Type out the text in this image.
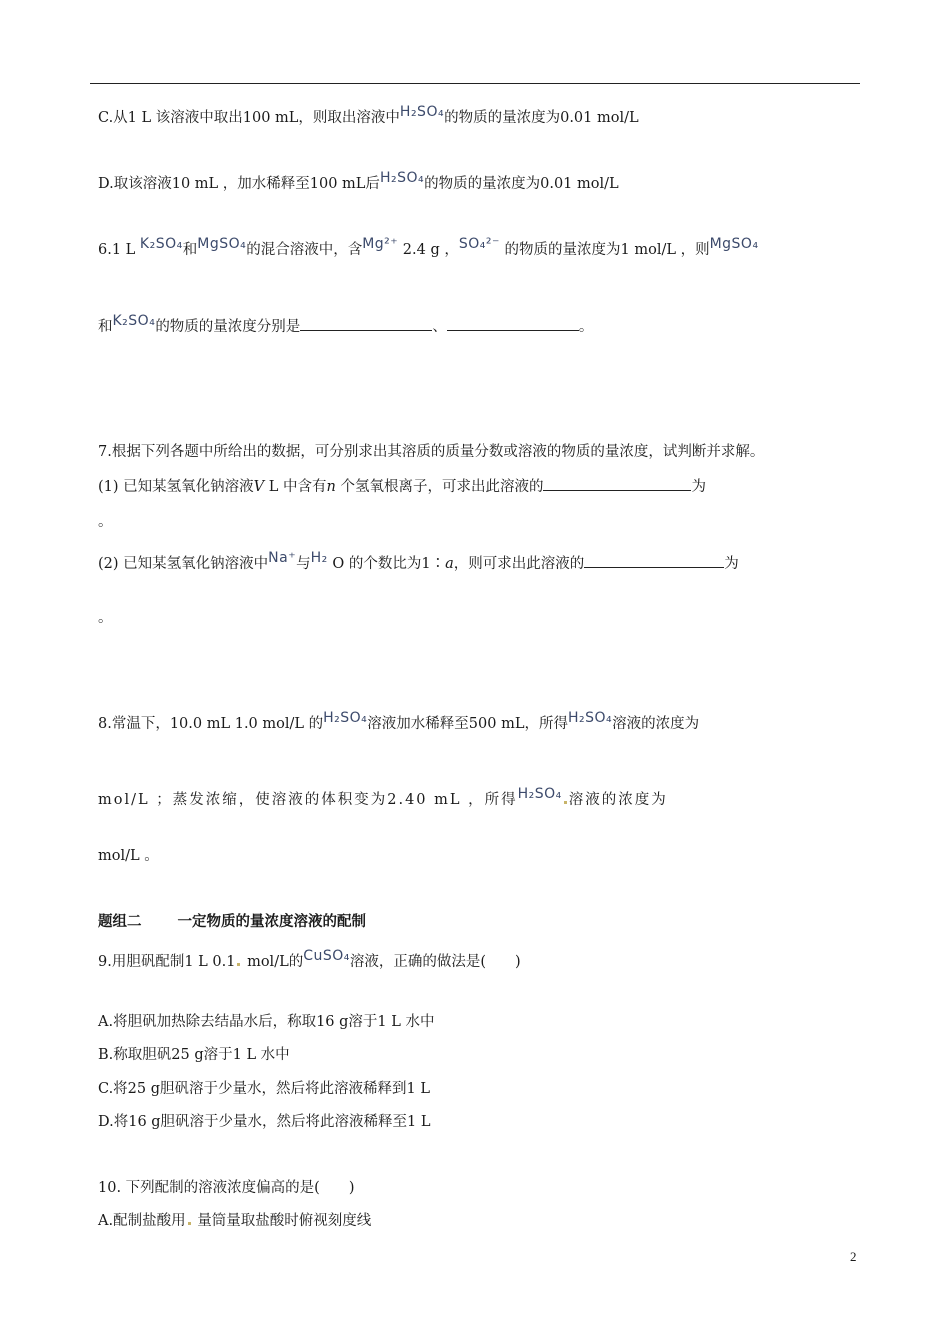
C.从1 L 该溶液中取出100 mL，则取出溶液中H₂SO₄的物质的量浓度为0.01 mol/L
D.取该溶液10 mL ，加水稀释至100 mL后H₂SO₄的物质的量浓度为0.01 mol/L
6.1 L K₂SO₄和MgSO₄的混合溶液中，含Mg²⁺ 2.4 g ，SO₄²⁻ 的物质的量浓度为1 mol/L ，则MgSO₄
和K₂SO₄的物质的量浓度分别是	、	。
7.根据下列各题中所给出的数据，可分别求出其溶质的质量分数或溶液的物质的量浓度，试判断并求解。
(1) 已知某氢氧化钠溶液V L 中含有n 个氢氧根离子，可求出此溶液的	为
。
(2) 已知某氢氧化钠溶液中Na⁺与H₂ O 的个数比为1∶a，则可求出此溶液的	为
。
8.常温下，10.0 mL 1.0 mol/L 的H₂SO₄溶液加水稀释至500 mL，所得H₂SO₄溶液的浓度为
mol/L ；蒸发浓缩，使溶液的体积变为2.40 mL ，所得H₂SO₄ 溶液的浓度为
mol/L 。
题组二 一定物质的量浓度溶液的配制
9.用胆矾配制1 L 0.1 mol/L的CuSO₄溶液，正确的做法是(　　)
A.将胆矾加热除去结晶水后，称取16 g溶于1 L 水中
B.称取胆矾25 g溶于1 L 水中
C.将25 g胆矾溶于少量水，然后将此溶液稀释到1 L
D.将16 g胆矾溶于少量水，然后将此溶液稀释至1 L
10. 下列配制的溶液浓度偏高的是(　　)
A.配制盐酸用 量筒量取盐酸时俯视刻度线
2
